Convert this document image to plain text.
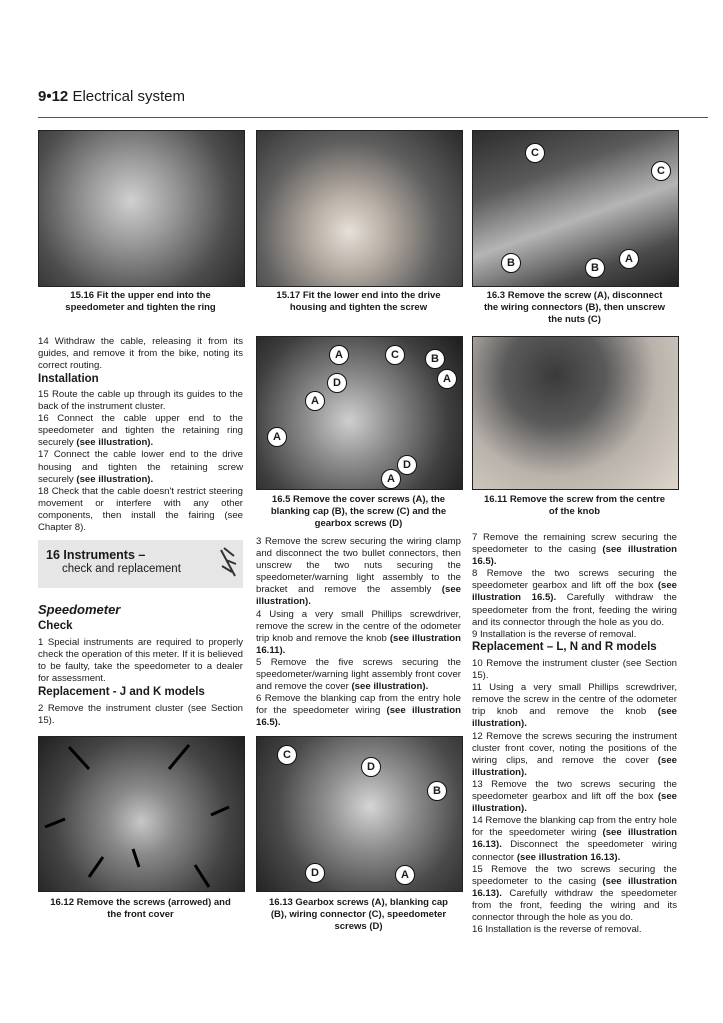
9•12 Electrical system
15.16 Fit the upper end into the
speedometer and tighten the ring
15.17 Fit the lower end into the drive
housing and tighten the screw
C
C
B	B
A
16.3 Remove the screw (A), disconnect
the wiring connectors (B), then unscrew
the nuts (C)

14 Withdraw the cable, releasing it from its guides, and remove it from the bike, noting its correct routing.

Installation

15 Route the cable up through its guides to the back of the instrument cluster.

16 Connect the cable upper end to the speedometer and tighten the retaining ring securely (see illustration).

17 Connect the cable lower end to the drive housing and tighten the retaining screw securely (see illustration).

18 Check that the cable doesn't restrict steering movement or interfere with any other components, then install the fairing (see Chapter 8).

16 Instruments –
check and replacement
Speedometer
Check

1 Special instruments are required to properly check the operation of this meter. If it is believed to be faulty, take the speedometer to a dealer for assessment.

Replacement - J and K models

2 Remove the instrument cluster (see Section 15).

A	C	B
D	A
A
A
D
A
16.5 Remove the cover screws (A), the
blanking cap (B), the screw (C) and the
gearbox screws (D)
16.11 Remove the screw from the centre
of the knob

3 Remove the screw securing the wiring clamp and disconnect the two bullet connectors, then unscrew the two nuts securing the speedometer/warning light assembly to the bracket and remove the assembly (see illustration).

4 Using a very small Phillips screwdriver, remove the screw in the centre of the odometer trip knob and remove the knob (see illustration 16.11).

5 Remove the five screws securing the speedometer/warning light assembly front cover and remove the cover (see illustration).

6 Remove the blanking cap from the entry hole for the speedometer wiring (see illustration 16.5).

7 Remove the remaining screw securing the speedometer to the casing (see illustration 16.5).

8 Remove the two screws securing the speedometer gearbox and lift off the box (see illustration 16.5). Carefully withdraw the speedometer from the front, feeding the wiring and its connector through the hole as you do.

9 Installation is the reverse of removal.

Replacement – L, N and R models

10 Remove the instrument cluster (see Section 15).

11 Using a very small Phillips screwdriver, remove the screw in the centre of the odometer trip knob and remove the knob (see illustration).

12 Remove the screws securing the instrument cluster front cover, noting the positions of the wiring clips, and remove the cover (see illustration).

13 Remove the two screws securing the speedometer gearbox and lift off the box (see illustration).

14 Remove the blanking cap from the entry hole for the speedometer wiring (see illustration 16.13). Disconnect the speedometer wiring connector (see illustration 16.13).

15 Remove the two screws securing the speedometer to the casing (see illustration 16.13). Carefully withdraw the speedometer from the front, feeding the wiring and its connector through the hole as you do.

16 Installation is the reverse of removal.

16.12 Remove the screws (arrowed) and
the front cover
C
D
B
D	A
16.13 Gearbox screws (A), blanking cap
(B), wiring connector (C), speedometer
screws (D)
